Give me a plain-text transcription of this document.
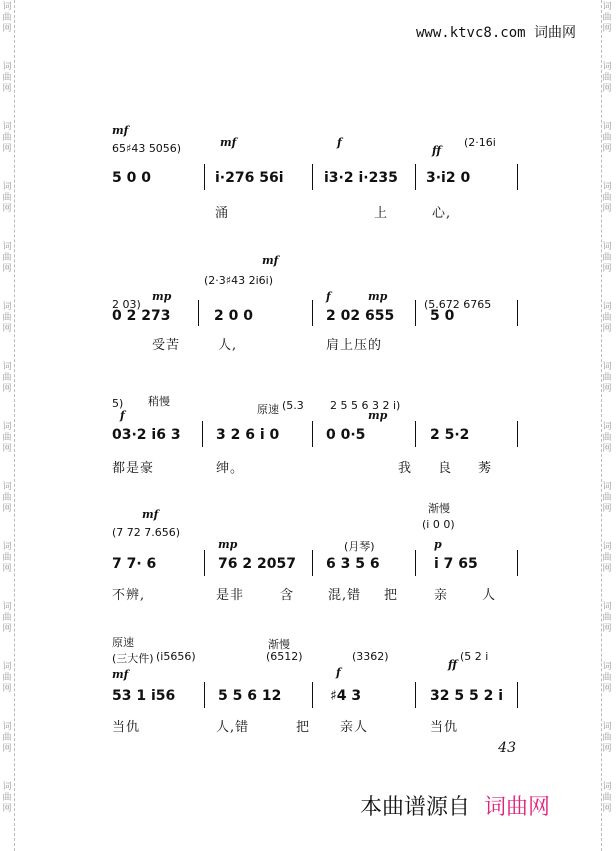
词
曲
网
词
曲
网
词
曲
网
词
曲
网
词
曲
网
词
曲
网
词
曲
网
词
曲
网
词
曲
网
词
曲
网
词
曲
网
词
曲
网
词
曲
网
词
曲
网
词
曲
网
词
曲
网
词
曲
网
词
曲
网
词
曲
网
词
曲
网
词
曲
网
词
曲
网
词
曲
网
词
曲
网
词
曲
网
词
曲
网
词
曲
网
词
曲
网
www.ktvc8.com 词曲网
mf
mf	f
ff
65♯43 5056)	(2·16i
5 0 0	i·276 56i	i3·2 i·235 3·i2 0
涌	上	心,
2 03)
mf
(2·3♯43 2i6i)
(5.672 6765
mp	f	mp
0 2 273	2 0 0	2 02 655	5 0
受苦	人,	肩上压的
5)
f
稍慢
原速 (5.3 2 5 5 6 3 2 i)
mp
03·2 i6 3	3 2 6 i 0	0 0·5	2 5·2
都是豪	绅。	我 良 莠
mf
(7 72 7.656)
渐慢
(i 0 0)
(月琴)
mp	p
7 7· 6	76 2 2057 6 3 5 6	i 7 65
不辨,	是非	含	混,错 把	亲	人
原速	渐慢
(三大件) (i5656)	(6512)	(3362)	(5 2 i
mf	f
ff
53 1 i56	5 5 6 12	♯4 3	32 5 5 2 i
当仇	人,错	把 亲人	当仇
43
本曲谱源自 词曲网
